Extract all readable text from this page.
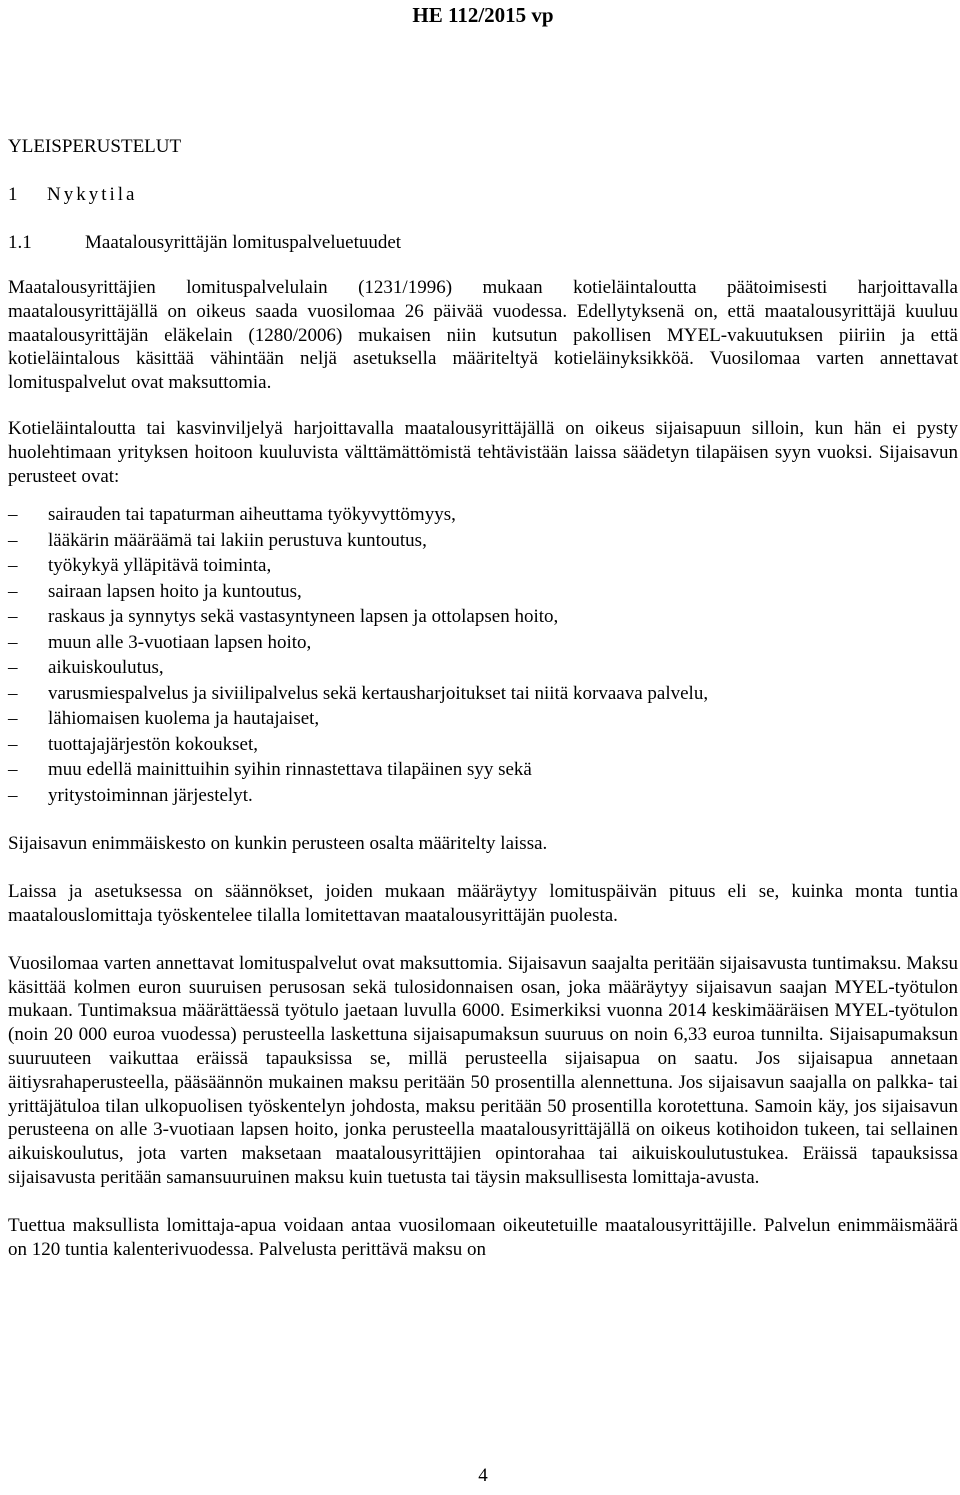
HE 112/2015 vp
YLEISPERUSTELUT
1	Nykytila
1.1	Maatalousyrittäjän lomituspalveluetuudet

Maatalousyrittäjien lomituspalvelulain (1231/1996) mukaan kotieläintaloutta päätoimisesti harjoittavalla maatalousyrittäjällä on oikeus saada vuosilomaa 26 päivää vuodessa. Edellytyksenä on, että maatalousyrittäjä kuuluu maatalousyrittäjän eläkelain (1280/2006) mukaisen niin kutsutun pakollisen MYEL-vakuutuksen piiriin ja että kotieläintalous käsittää vähintään neljä asetuksella määriteltyä kotieläinyksikköä. Vuosilomaa varten annettavat lomituspalvelut ovat maksuttomia.

Kotieläintaloutta tai kasvinviljelyä harjoittavalla maatalousyrittäjällä on oikeus sijaisapuun silloin, kun hän ei pysty huolehtimaan yrityksen hoitoon kuuluvista välttämättömistä tehtävistään laissa säädetyn tilapäisen syyn vuoksi. Sijaisavun perusteet ovat:

–	sairauden tai tapaturman aiheuttama työkyvyttömyys,
–	lääkärin määräämä tai lakiin perustuva kuntoutus,
–	työkykyä ylläpitävä toiminta,
–	sairaan lapsen hoito ja kuntoutus,
–	raskaus ja synnytys sekä vastasyntyneen lapsen ja ottolapsen hoito,
–	muun alle 3-vuotiaan lapsen hoito,
–	aikuiskoulutus,
–	varusmiespalvelus ja siviilipalvelus sekä kertausharjoitukset tai niitä korvaava palvelu,
–	lähiomaisen kuolema ja hautajaiset,
–	tuottajajärjestön kokoukset,
–	muu edellä mainittuihin syihin rinnastettava tilapäinen syy sekä
–	yritystoiminnan järjestelyt.

Sijaisavun enimmäiskesto on kunkin perusteen osalta määritelty laissa.

Laissa ja asetuksessa on säännökset, joiden mukaan määräytyy lomituspäivän pituus eli se, kuinka monta tuntia maatalouslomittaja työskentelee tilalla lomitettavan maatalousyrittäjän puolesta.

Vuosilomaa varten annettavat lomituspalvelut ovat maksuttomia. Sijaisavun saajalta peritään sijaisavusta tuntimaksu. Maksu käsittää kolmen euron suuruisen perusosan sekä tulosidonnaisen osan, joka määräytyy sijaisavun saajan MYEL-työtulon mukaan. Tuntimaksua määrättäessä työtulo jaetaan luvulla 6000. Esimerkiksi vuonna 2014 keskimääräisen MYEL-työtulon (noin 20 000 euroa vuodessa) perusteella laskettuna sijaisapumaksun suuruus on noin 6,33 euroa tunnilta. Sijaisapumaksun suuruuteen vaikuttaa eräissä tapauksissa se, millä perusteella sijaisapua on saatu. Jos sijaisapua annetaan äitiysrahaperusteella, pääsäännön mukainen maksu peritään 50 prosentilla alennettuna. Jos sijaisavun saajalla on palkka- tai yrittäjätuloa tilan ulkopuolisen työskentelyn johdosta, maksu peritään 50 prosentilla korotettuna. Samoin käy, jos sijaisavun perusteena on alle 3-vuotiaan lapsen hoito, jonka perusteella maatalousyrittäjällä on oikeus kotihoidon tukeen, tai sellainen aikuiskoulutus, jota varten maksetaan maatalousyrittäjien opintorahaa tai aikuiskoulutustukea. Eräissä tapauksissa sijaisavusta peritään samansuuruinen maksu kuin tuetusta tai täysin maksullisesta lomittaja-avusta.

Tuettua maksullista lomittaja-apua voidaan antaa vuosilomaan oikeutetuille maatalousyrittäjille. Palvelun enimmäismäärä on 120 tuntia kalenterivuodessa. Palvelusta perittävä maksu on

4
